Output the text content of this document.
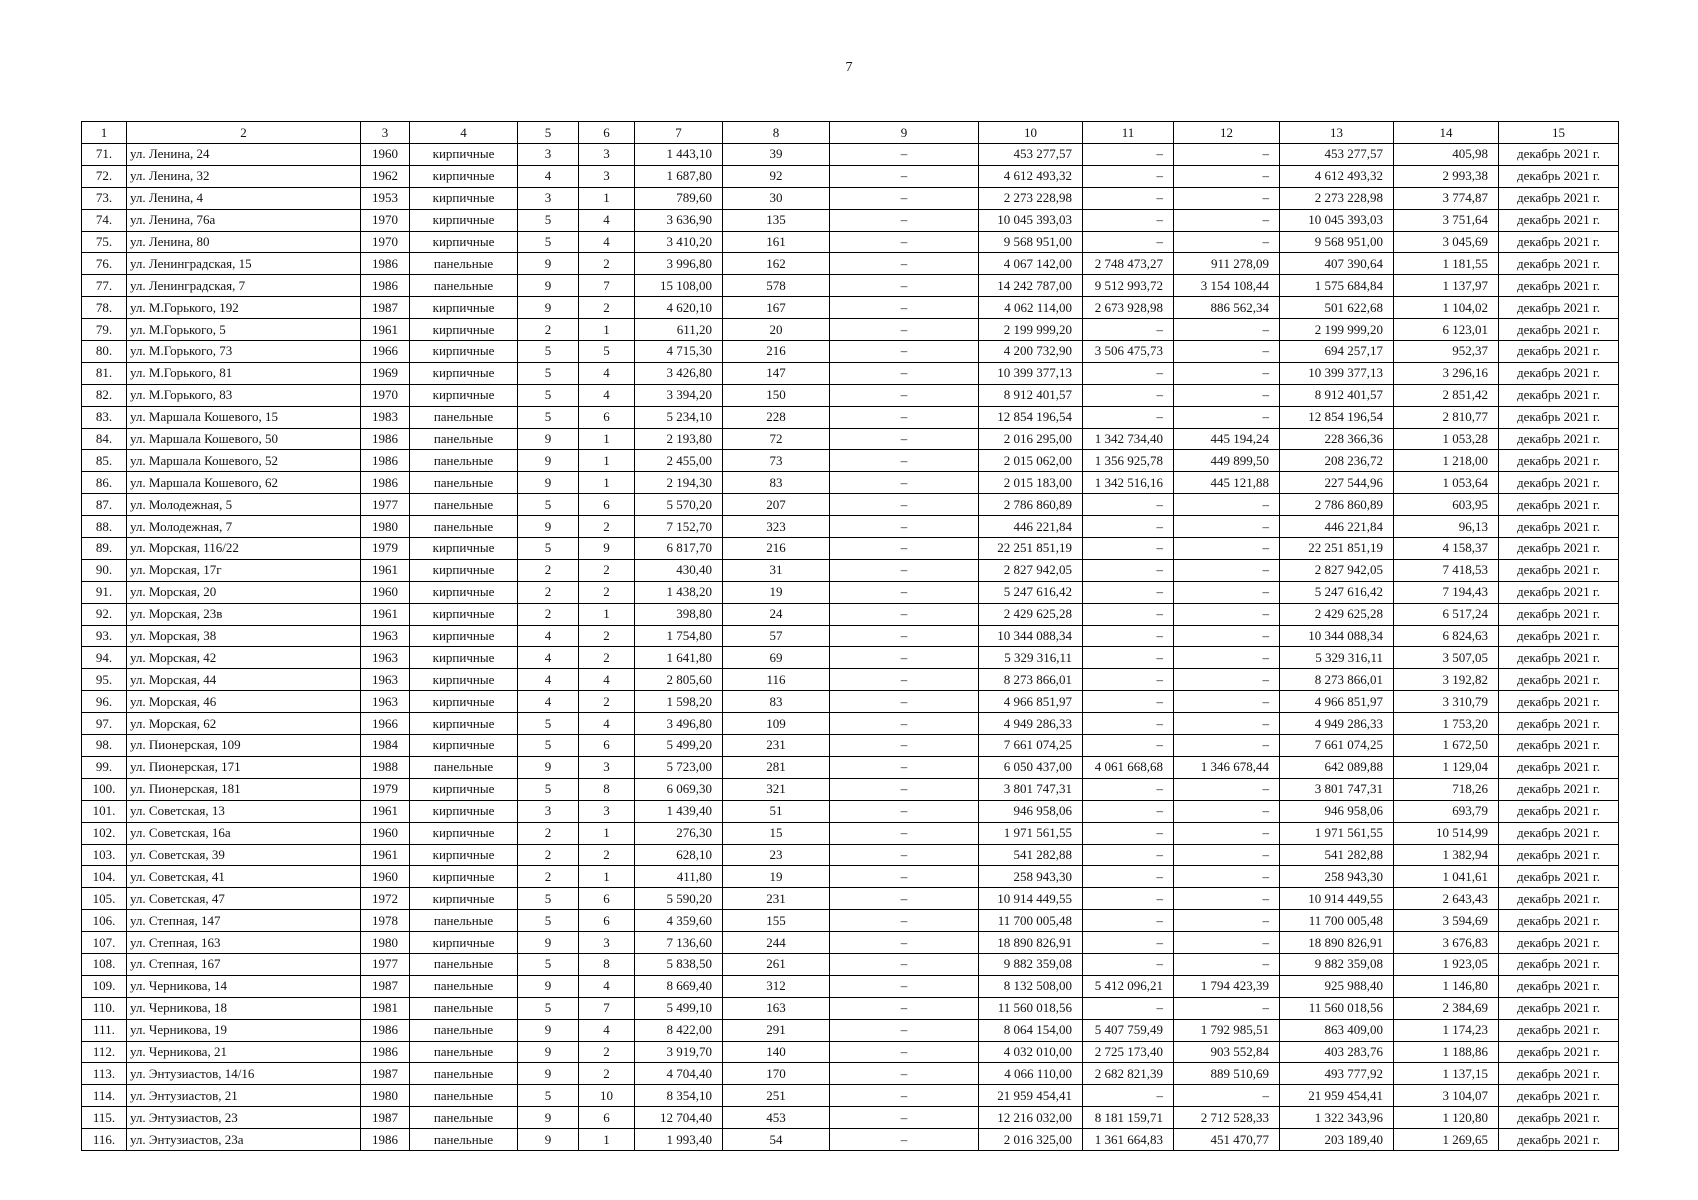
7
1	2	3	4	5	6	7	8	9	10	11	12	13	14	15
71.	ул. Ленина, 24	1960	кирпичные	3	3	1 443,10	39	–	453 277,57	–	–	453 277,57	405,98	декабрь 2021 г.
72.	ул. Ленина, 32	1962	кирпичные	4	3	1 687,80	92	–	4 612 493,32	–	–	4 612 493,32	2 993,38	декабрь 2021 г.
73.	ул. Ленина, 4	1953	кирпичные	3	1	789,60	30	–	2 273 228,98	–	–	2 273 228,98	3 774,87	декабрь 2021 г.
74.	ул. Ленина, 76а	1970	кирпичные	5	4	3 636,90	135	–	10 045 393,03	–	–	10 045 393,03	3 751,64	декабрь 2021 г.
75.	ул. Ленина, 80	1970	кирпичные	5	4	3 410,20	161	–	9 568 951,00	–	–	9 568 951,00	3 045,69	декабрь 2021 г.
76.	ул. Ленинградская, 15	1986	панельные	9	2	3 996,80	162	–	4 067 142,00	2 748 473,27	911 278,09	407 390,64	1 181,55	декабрь 2021 г.
77.	ул. Ленинградская, 7	1986	панельные	9	7	15 108,00	578	–	14 242 787,00	9 512 993,72	3 154 108,44	1 575 684,84	1 137,97	декабрь 2021 г.
78.	ул. М.Горького, 192	1987	кирпичные	9	2	4 620,10	167	–	4 062 114,00	2 673 928,98	886 562,34	501 622,68	1 104,02	декабрь 2021 г.
79.	ул. М.Горького, 5	1961	кирпичные	2	1	611,20	20	–	2 199 999,20	–	–	2 199 999,20	6 123,01	декабрь 2021 г.
80.	ул. М.Горького, 73	1966	кирпичные	5	5	4 715,30	216	–	4 200 732,90	3 506 475,73	–	694 257,17	952,37	декабрь 2021 г.
81.	ул. М.Горького, 81	1969	кирпичные	5	4	3 426,80	147	–	10 399 377,13	–	–	10 399 377,13	3 296,16	декабрь 2021 г.
82.	ул. М.Горького, 83	1970	кирпичные	5	4	3 394,20	150	–	8 912 401,57	–	–	8 912 401,57	2 851,42	декабрь 2021 г.
83.	ул. Маршала Кошевого, 15	1983	панельные	5	6	5 234,10	228	–	12 854 196,54	–	–	12 854 196,54	2 810,77	декабрь 2021 г.
84.	ул. Маршала Кошевого, 50	1986	панельные	9	1	2 193,80	72	–	2 016 295,00	1 342 734,40	445 194,24	228 366,36	1 053,28	декабрь 2021 г.
85.	ул. Маршала Кошевого, 52	1986	панельные	9	1	2 455,00	73	–	2 015 062,00	1 356 925,78	449 899,50	208 236,72	1 218,00	декабрь 2021 г.
86.	ул. Маршала Кошевого, 62	1986	панельные	9	1	2 194,30	83	–	2 015 183,00	1 342 516,16	445 121,88	227 544,96	1 053,64	декабрь 2021 г.
87.	ул. Молодежная, 5	1977	панельные	5	6	5 570,20	207	–	2 786 860,89	–	–	2 786 860,89	603,95	декабрь 2021 г.
88.	ул. Молодежная, 7	1980	панельные	9	2	7 152,70	323	–	446 221,84	–	–	446 221,84	96,13	декабрь 2021 г.
89.	ул. Морская, 116/22	1979	кирпичные	5	9	6 817,70	216	–	22 251 851,19	–	–	22 251 851,19	4 158,37	декабрь 2021 г.
90.	ул. Морская, 17г	1961	кирпичные	2	2	430,40	31	–	2 827 942,05	–	–	2 827 942,05	7 418,53	декабрь 2021 г.
91.	ул. Морская, 20	1960	кирпичные	2	2	1 438,20	19	–	5 247 616,42	–	–	5 247 616,42	7 194,43	декабрь 2021 г.
92.	ул. Морская, 23в	1961	кирпичные	2	1	398,80	24	–	2 429 625,28	–	–	2 429 625,28	6 517,24	декабрь 2021 г.
93.	ул. Морская, 38	1963	кирпичные	4	2	1 754,80	57	–	10 344 088,34	–	–	10 344 088,34	6 824,63	декабрь 2021 г.
94.	ул. Морская, 42	1963	кирпичные	4	2	1 641,80	69	–	5 329 316,11	–	–	5 329 316,11	3 507,05	декабрь 2021 г.
95.	ул. Морская, 44	1963	кирпичные	4	4	2 805,60	116	–	8 273 866,01	–	–	8 273 866,01	3 192,82	декабрь 2021 г.
96.	ул. Морская, 46	1963	кирпичные	4	2	1 598,20	83	–	4 966 851,97	–	–	4 966 851,97	3 310,79	декабрь 2021 г.
97.	ул. Морская, 62	1966	кирпичные	5	4	3 496,80	109	–	4 949 286,33	–	–	4 949 286,33	1 753,20	декабрь 2021 г.
98.	ул. Пионерская, 109	1984	кирпичные	5	6	5 499,20	231	–	7 661 074,25	–	–	7 661 074,25	1 672,50	декабрь 2021 г.
99.	ул. Пионерская, 171	1988	панельные	9	3	5 723,00	281	–	6 050 437,00	4 061 668,68	1 346 678,44	642 089,88	1 129,04	декабрь 2021 г.
100.	ул. Пионерская, 181	1979	кирпичные	5	8	6 069,30	321	–	3 801 747,31	–	–	3 801 747,31	718,26	декабрь 2021 г.
101.	ул. Советская, 13	1961	кирпичные	3	3	1 439,40	51	–	946 958,06	–	–	946 958,06	693,79	декабрь 2021 г.
102.	ул. Советская, 16а	1960	кирпичные	2	1	276,30	15	–	1 971 561,55	–	–	1 971 561,55	10 514,99	декабрь 2021 г.
103.	ул. Советская, 39	1961	кирпичные	2	2	628,10	23	–	541 282,88	–	–	541 282,88	1 382,94	декабрь 2021 г.
104.	ул. Советская, 41	1960	кирпичные	2	1	411,80	19	–	258 943,30	–	–	258 943,30	1 041,61	декабрь 2021 г.
105.	ул. Советская, 47	1972	кирпичные	5	6	5 590,20	231	–	10 914 449,55	–	–	10 914 449,55	2 643,43	декабрь 2021 г.
106.	ул. Степная, 147	1978	панельные	5	6	4 359,60	155	–	11 700 005,48	–	–	11 700 005,48	3 594,69	декабрь 2021 г.
107.	ул. Степная, 163	1980	кирпичные	9	3	7 136,60	244	–	18 890 826,91	–	–	18 890 826,91	3 676,83	декабрь 2021 г.
108.	ул. Степная, 167	1977	панельные	5	8	5 838,50	261	–	9 882 359,08	–	–	9 882 359,08	1 923,05	декабрь 2021 г.
109.	ул. Черникова, 14	1987	панельные	9	4	8 669,40	312	–	8 132 508,00	5 412 096,21	1 794 423,39	925 988,40	1 146,80	декабрь 2021 г.
110.	ул. Черникова, 18	1981	панельные	5	7	5 499,10	163	–	11 560 018,56	–	–	11 560 018,56	2 384,69	декабрь 2021 г.
111.	ул. Черникова, 19	1986	панельные	9	4	8 422,00	291	–	8 064 154,00	5 407 759,49	1 792 985,51	863 409,00	1 174,23	декабрь 2021 г.
112.	ул. Черникова, 21	1986	панельные	9	2	3 919,70	140	–	4 032 010,00	2 725 173,40	903 552,84	403 283,76	1 188,86	декабрь 2021 г.
113.	ул. Энтузиастов, 14/16	1987	панельные	9	2	4 704,40	170	–	4 066 110,00	2 682 821,39	889 510,69	493 777,92	1 137,15	декабрь 2021 г.
114.	ул. Энтузиастов, 21	1980	панельные	5	10	8 354,10	251	–	21 959 454,41	–	–	21 959 454,41	3 104,07	декабрь 2021 г.
115.	ул. Энтузиастов, 23	1987	панельные	9	6	12 704,40	453	–	12 216 032,00	8 181 159,71	2 712 528,33	1 322 343,96	1 120,80	декабрь 2021 г.
116.	ул. Энтузиастов, 23а	1986	панельные	9	1	1 993,40	54	–	2 016 325,00	1 361 664,83	451 470,77	203 189,40	1 269,65	декабрь 2021 г.
